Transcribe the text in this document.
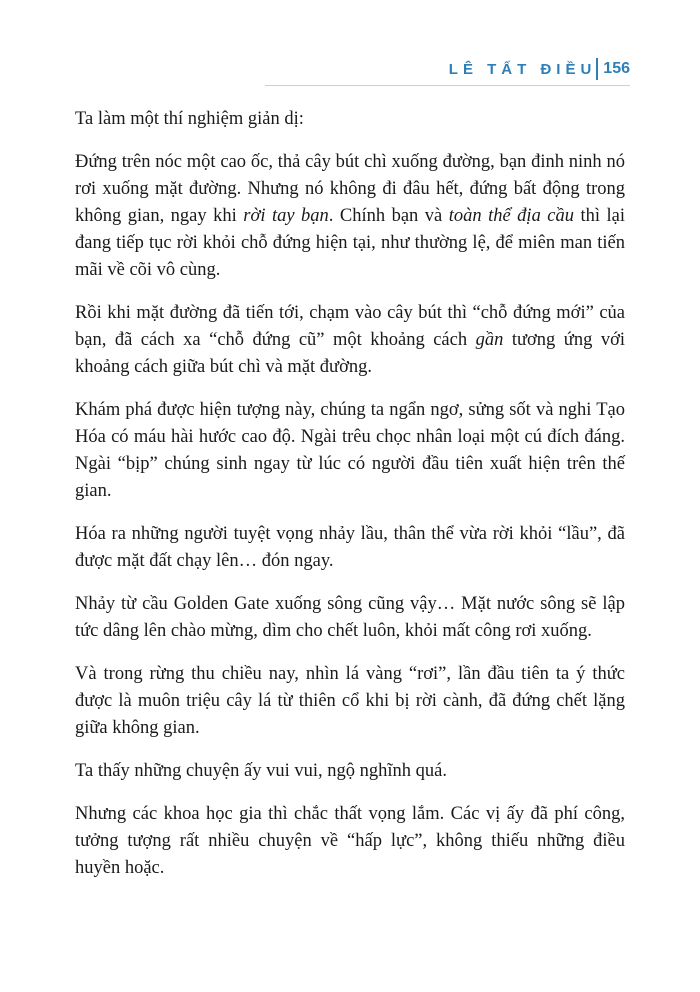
LÊ TẤT ĐIỀU 156

Ta làm một thí nghiệm giản dị:

Đứng trên nóc một cao ốc, thả cây bút chì xuống đường, bạn đinh ninh nó rơi xuống mặt đường. Nhưng nó không đi đâu hết, đứng bất động trong không gian, ngay khi rời tay bạn. Chính bạn và toàn thể địa cầu thì lại đang tiếp tục rời khỏi chỗ đứng hiện tại, như thường lệ, để miên man tiến mãi về cõi vô cùng.

Rồi khi mặt đường đã tiến tới, chạm vào cây bút thì “chỗ đứng mới” của bạn, đã cách xa “chỗ đứng cũ” một khoảng cách gần tương ứng với khoảng cách giữa bút chì và mặt đường.

Khám phá được hiện tượng này, chúng ta ngẩn ngơ, sửng sốt và nghi Tạo Hóa có máu hài hước cao độ. Ngài trêu chọc nhân loại một cú đích đáng. Ngài “bịp” chúng sinh ngay từ lúc có người đầu tiên xuất hiện trên thế gian.

Hóa ra những người tuyệt vọng nhảy lầu, thân thể vừa rời khỏi “lầu”, đã được mặt đất chạy lên… đón ngay.

Nhảy từ cầu Golden Gate xuống sông cũng vậy… Mặt nước sông sẽ lập tức dâng lên chào mừng, dìm cho chết luôn, khỏi mất công rơi xuống.

Và trong rừng thu chiều nay, nhìn lá vàng “rơi”, lần đầu tiên ta ý thức được là muôn triệu cây lá từ thiên cổ khi bị rời cành, đã đứng chết lặng giữa không gian.

Ta thấy những chuyện ấy vui vui, ngộ nghĩnh quá.

Nhưng các khoa học gia thì chắc thất vọng lắm. Các vị ấy đã phí công, tưởng tượng rất nhiều chuyện về “hấp lực”, không thiếu những điều huyền hoặc.
